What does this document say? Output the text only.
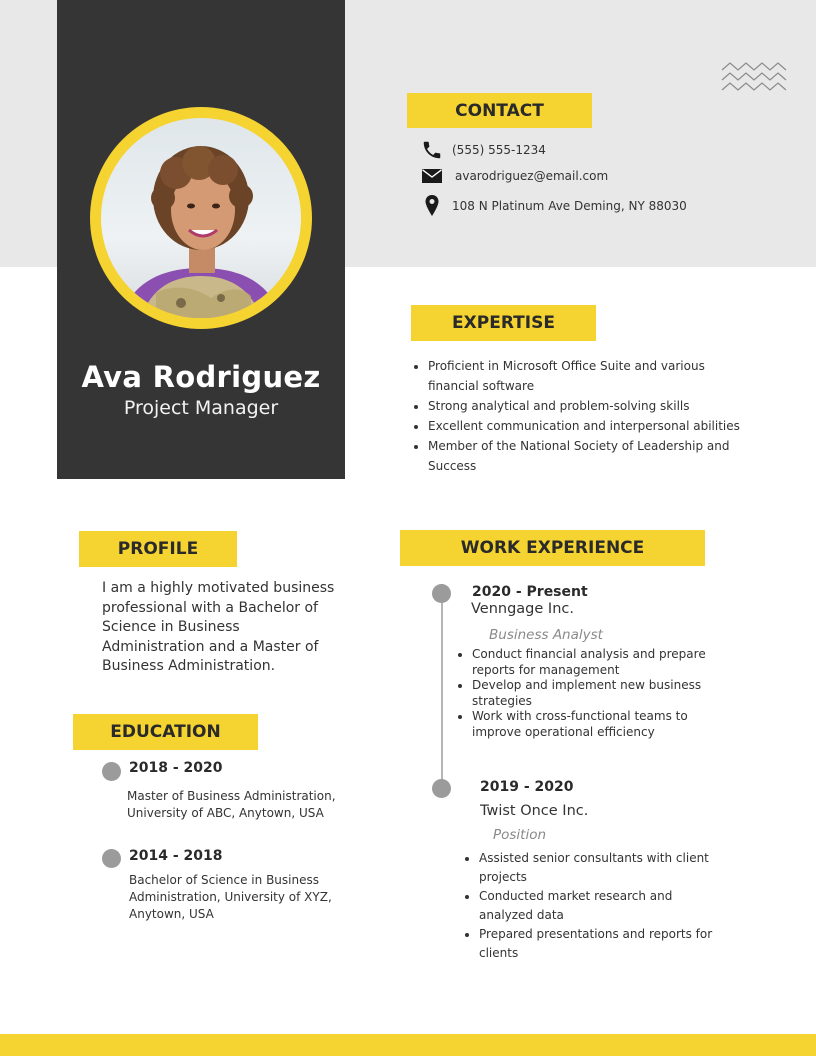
Ava Rodriguez
Project Manager
CONTACT
(555) 555-1234
avarodriguez@email.com
108 N Platinum Ave Deming, NY 88030
EXPERTISE
• Proficient in Microsoft Office Suite and various financial software
• Strong analytical and problem-solving skills
• Excellent communication and interpersonal abilities
• Member of the National Society of Leadership and Success
PROFILE
I am a highly motivated business professional with a Bachelor of Science in Business Administration and a Master of Business Administration.
EDUCATION
2018 - 2020
Master of Business Administration, University of ABC, Anytown, USA
2014 - 2018
Bachelor of Science in Business Administration, University of XYZ, Anytown, USA
WORK EXPERIENCE
2020 - Present
Venngage Inc.
Business Analyst
• Conduct financial analysis and prepare reports for management
• Develop and implement new business strategies
• Work with cross-functional teams to improve operational efficiency
2019 - 2020
Twist Once Inc.
Position
• Assisted senior consultants with client projects
• Conducted market research and analyzed data
• Prepared presentations and reports for clients
